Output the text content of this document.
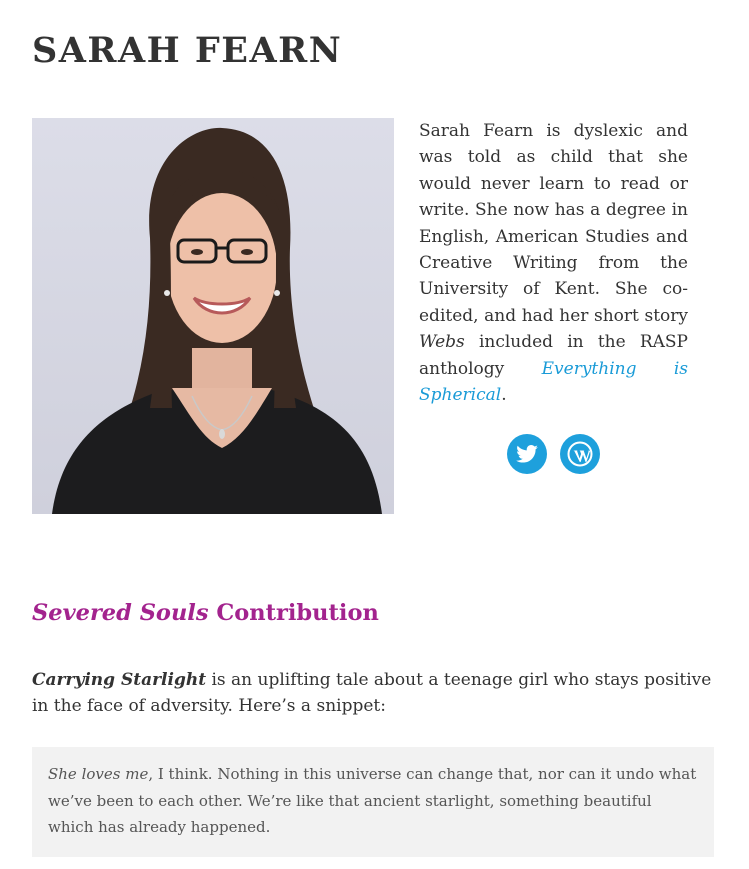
SARAH FEARN

Sarah Fearn is dyslexic and was told as child that she would never learn to read or write. She now has a degree in English, American Studies and Creative Writing from the University of Kent. She co-edited, and had her short story Webs included in the RASP anthology Everything is Spherical.

Severed Souls Contribution

Carrying Starlight is an uplifting tale about a teenage girl who stays positive in the face of adversity. Here’s a snippet:

She loves me, I think. Nothing in this universe can change that, nor can it undo what we’ve been to each other. We’re like that ancient starlight, something beautiful which has already happened.
